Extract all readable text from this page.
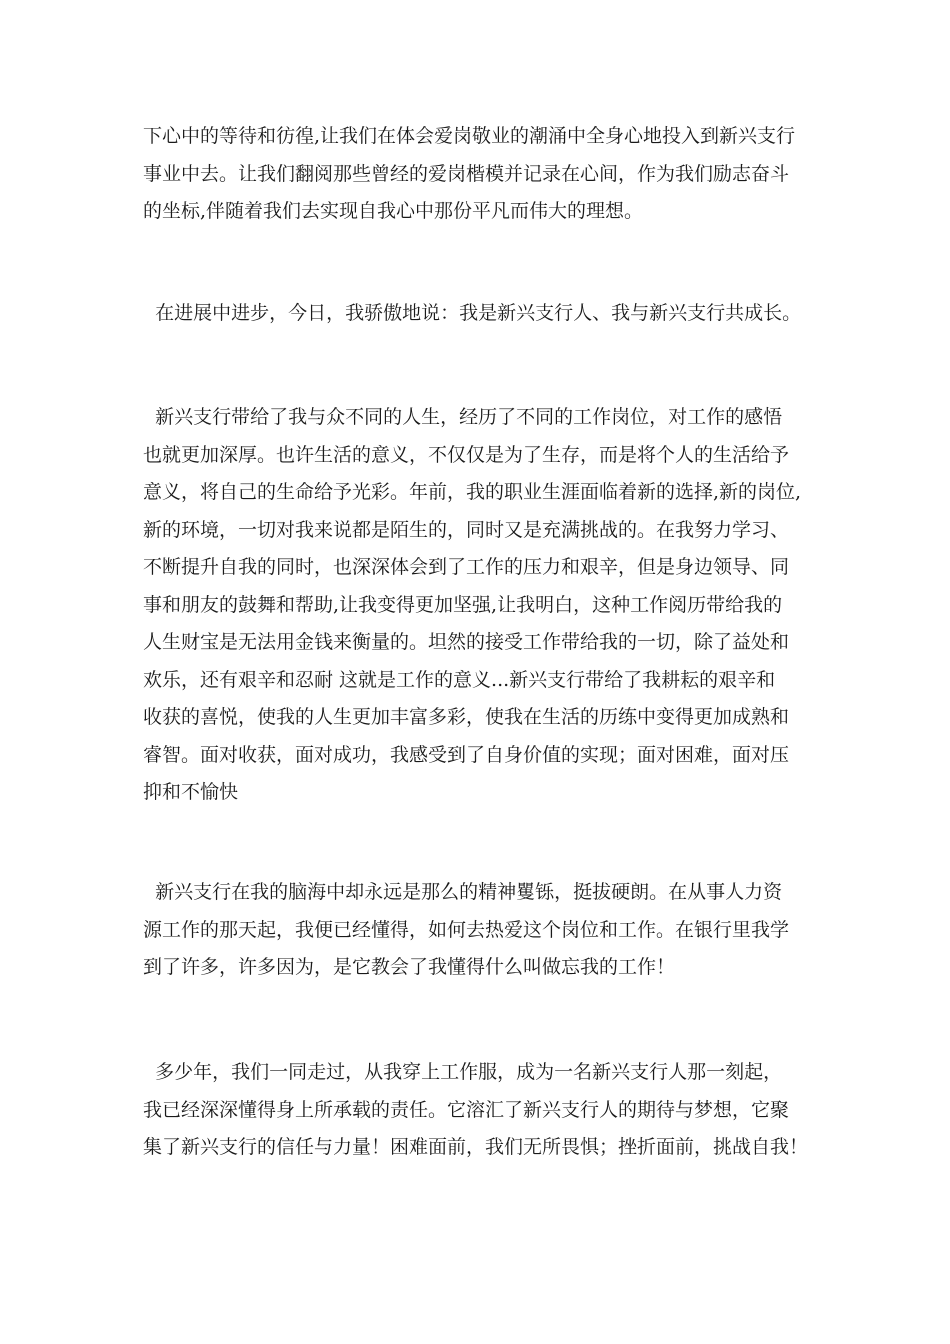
下心中的等待和彷徨,让我们在体会爱岗敬业的潮涌中全身心地投入到新兴支行
事业中去。让我们翻阅那些曾经的爱岗楷模并记录在心间，作为我们励志奋斗
的坐标,伴随着我们去实现自我心中那份平凡而伟大的理想。
在进展中进步，今日，我骄傲地说：我是新兴支行人、我与新兴支行共成长。
新兴支行带给了我与众不同的人生，经历了不同的工作岗位，对工作的感悟
也就更加深厚。也许生活的意义，不仅仅是为了生存，而是将个人的生活给予
意义，将自己的生命给予光彩。年前，我的职业生涯面临着新的选择,新的岗位,
新的环境，一切对我来说都是陌生的，同时又是充满挑战的。在我努力学习、
不断提升自我的同时，也深深体会到了工作的压力和艰辛，但是身边领导、同
事和朋友的鼓舞和帮助,让我变得更加坚强,让我明白，这种工作阅历带给我的
人生财宝是无法用金钱来衡量的。坦然的接受工作带给我的一切，除了益处和
欢乐，还有艰辛和忍耐 这就是工作的意义...新兴支行带给了我耕耘的艰辛和
收获的喜悦，使我的人生更加丰富多彩，使我在生活的历练中变得更加成熟和
睿智。面对收获，面对成功，我感受到了自身价值的实现；面对困难，面对压
抑和不愉快
新兴支行在我的脑海中却永远是那么的精神矍铄，挺拔硬朗。在从事人力资
源工作的那天起，我便已经懂得，如何去热爱这个岗位和工作。在银行里我学
到了许多，许多因为，是它教会了我懂得什么叫做忘我的工作！
多少年，我们一同走过，从我穿上工作服，成为一名新兴支行人那一刻起，
我已经深深懂得身上所承载的责任。它溶汇了新兴支行人的期待与梦想，它聚
集了新兴支行的信任与力量！困难面前，我们无所畏惧；挫折面前，挑战自我！
